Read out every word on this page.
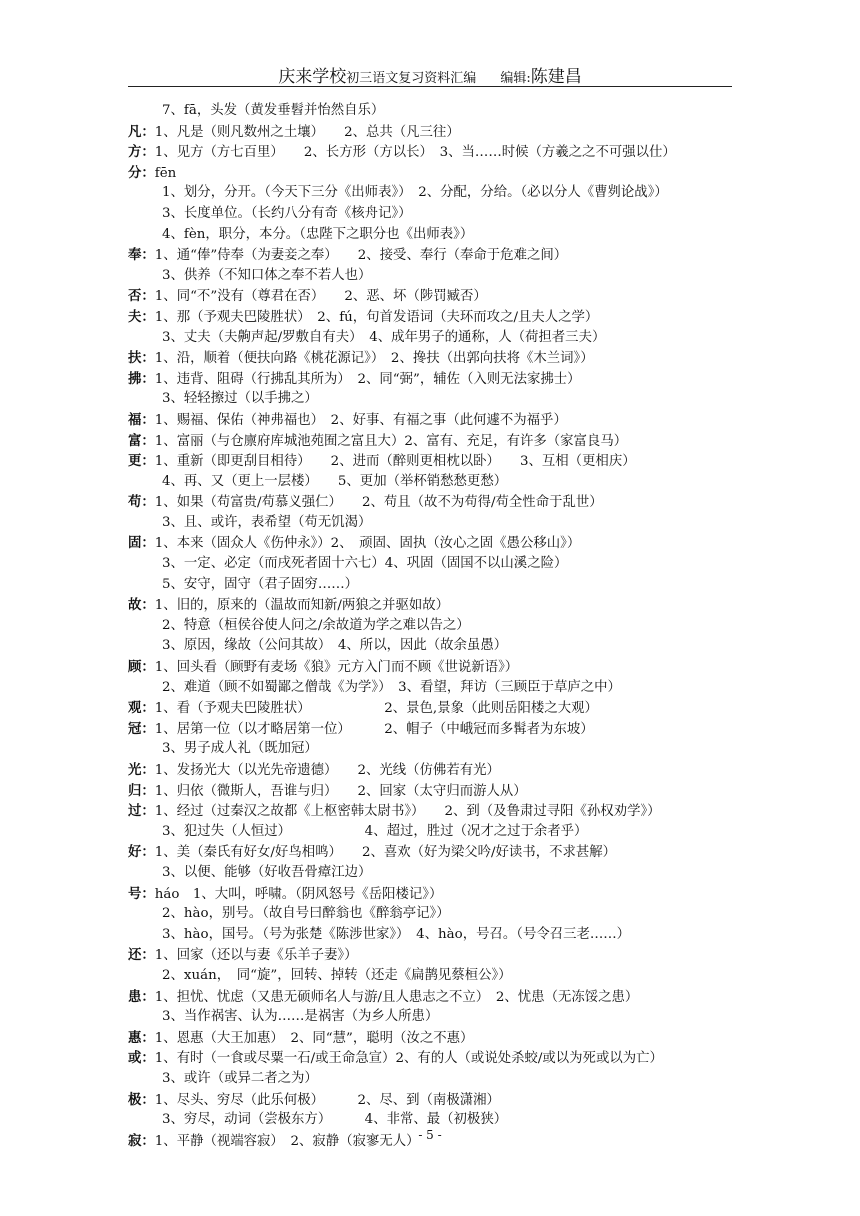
庆来学校初三语文复习资料汇编 编辑:陈建昌
7、fā，头发（黄发垂髫并怡然自乐）
凡：1、凡是（则凡数州之土壤）　　2、总共（凡三往）
方：1、见方（方七百里）　　2、长方形（方以长）　3、当……时候（方羲之之不可强以仕）
分：fēn
1、划分，分开。（今天下三分《出师表》）　2、分配，分给。（必以分人《曹刿论战》）
3、长度单位。（长约八分有奇《核舟记》）
4、fèn，职分，本分。（忠陛下之职分也《出师表》）
奉：1、通“俸”侍奉（为妻妾之奉）　　2、接受、奉行（奉命于危难之间）
3、供养（不知口体之奉不若人也）
否：1、同“不”没有（尊君在否）　　2、恶、坏（陟罚臧否）
夫：1、那（予观夫巴陵胜状）　2、fú，句首发语词（夫环而攻之/且夫人之学）
3、丈夫（夫齁声起/罗敷自有夫）　4、成年男子的通称，人（荷担者三夫）
扶：1、沿，顺着（便扶向路《桃花源记》）　2、搀扶（出郭向扶将《木兰词》）
拂：1、违背、阻碍（行拂乱其所为）　2、同“弼”，辅佐（入则无法家拂士）
3、轻轻擦过（以手拂之）
福：1、赐福、保佑（神弗福也）　2、好事、有福之事（此何遽不为福乎）
富：1、富丽（与仓廪府库城池苑囿之富且大）2、富有、充足，有许多（家富良马）
更：1、重新（即更刮目相待）　　2、进而（醉则更相枕以卧）　　3、互相（更相庆）
4、再、又（更上一层楼）　　5、更加（举杯销愁愁更愁）
苟：1、如果（苟富贵/苟慕义强仁）　　2、苟且（故不为苟得/苟全性命于乱世）
3、且、或许，表希望（苟无饥渴）
固：1、本来（固众人《伤仲永》）2、　顽固、固执（汝心之固《愚公移山》）
3、一定、必定（而戌死者固十六七）4、巩固（固国不以山溪之险）
5、安守，固守（君子固穷……）
故：1、旧的，原来的（温故而知新/两狼之并驱如故）
2、特意（桓侯谷使人问之/余故道为学之难以告之）
3、原因，缘故（公问其故）　4、所以，因此（故余虽愚）
顾：1、回头看（顾野有麦场《狼》元方入门而不顾《世说新语》）
2、难道（顾不如蜀鄙之僧哉《为学》）　3、看望，拜访（三顾臣于草庐之中）
观：1、看（予观夫巴陵胜状）　　　　　　2、景色,景象（此则岳阳楼之大观）
冠：1、居第一位（以才略居第一位）　　　2、帽子（中峨冠而多髯者为东坡）
3、男子成人礼（既加冠）
光：1、发扬光大（以光先帝遗德）　　2、光线（仿佛若有光）
归：1、归依（微斯人，吾谁与归）　　2、回家（太守归而游人从）
过：1、经过（过秦汉之故都《上枢密韩太尉书》）　　2、到（及鲁肃过寻阳《孙权劝学》）
3、犯过失（人恒过）　　　　　　4、超过，胜过（况才之过于余者乎）
好：1、美（秦氏有好女/好鸟相鸣）　　2、喜欢（好为梁父吟/好读书，不求甚解）
3、以便、能够（好收吾骨瘴江边）
号：háo　1、大叫，呼啸。（阴风怒号《岳阳楼记》）
2、hào，别号。（故自号曰醉翁也《醉翁亭记》）
3、hào，国号。（号为张楚《陈涉世家》）　4、hào，号召。（号令召三老……）
还：1、回家（还以与妻《乐羊子妻》）
2、xuán，　同“旋”，回转、掉转（还走《扁鹊见蔡桓公》）
患：1、担忧、忧虑（又患无硕师名人与游/且人患志之不立）　2、忧患（无冻馁之患）
3、当作祸害、认为……是祸害（为乡人所患）
惠：1、恩惠（大王加惠）　2、同“慧”，聪明（汝之不惠）
或：1、有时（一食或尽粟一石/或王命急宣）2、有的人（或说处杀蛟/或以为死或以为亡）
3、或许（或异二者之为）
极：1、尽头、穷尽（此乐何极）　　　2、尽、到（南极潇湘）
3、穷尽，动词（尝极东方）　　　4、非常、最（初极狭）
寂：1、平静（视端容寂）　2、寂静（寂寥无人）
- 5 -
